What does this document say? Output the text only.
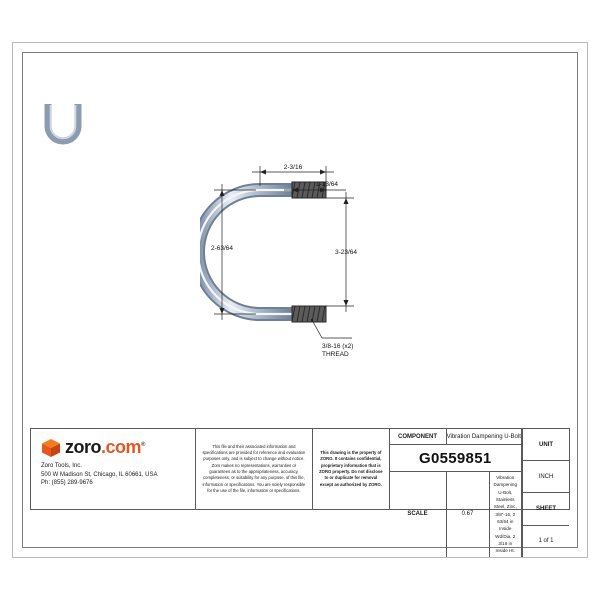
2-3/16
1-13/64
2-63/64
3-23/64
3/8-16 (x2)
THREAD
zoro.com®
Zoro Tools, Inc.
500 W Madison St, Chicago, IL 60661, USA
Ph: (855) 289-9676
This file and their associated information and specifications are provided for reference and evaluation purposes only, and is subject to change without notice. Zoro makes no representations, warranties or guarantees as to the appropriateness, accuracy, completeness, or suitability for any purpose, of this file, information or specifications. You are solely responsible for the use of the file, information or specifications.
This drawing is the property of ZORO. It contains confidential, proprietary information that is ZORO property. Do not disclose to or duplicate for removal except as authorized by ZORO.
COMPONENT	Vibration Dampening U-Bolt
G0559851
SCALE	0.67
Vibration Dampening U-Bolt, Stainless Steel, Zinc, 3/8"-16, 2 63/64 in Inside Wd/Dia, 2 3/16 in Inside Ht.
UNIT
INCH
SHEET
1 of 1
